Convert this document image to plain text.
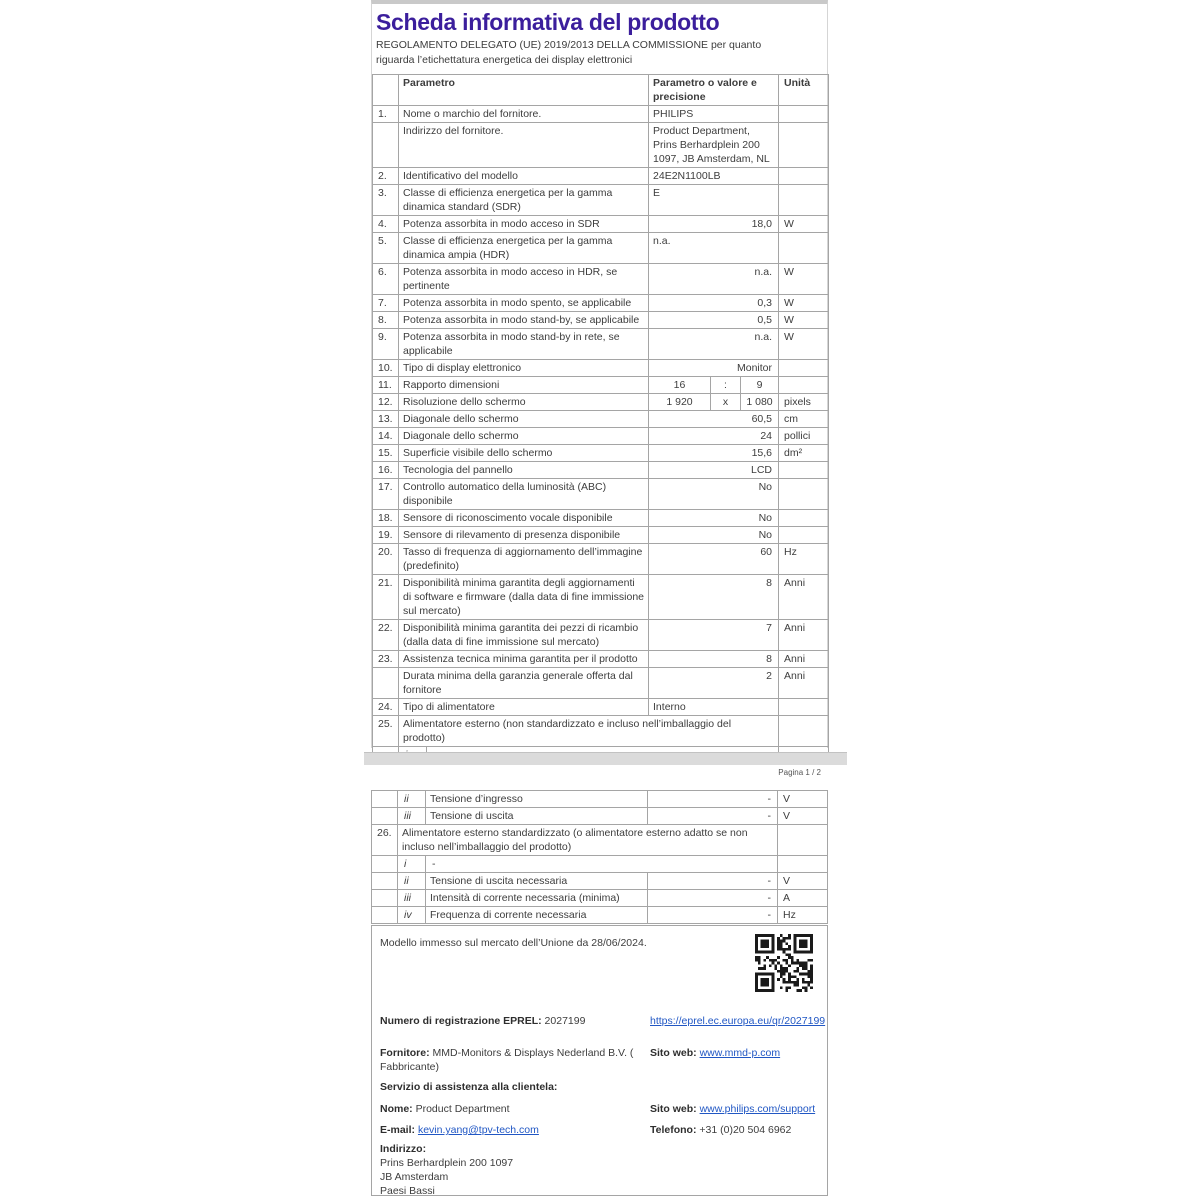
Scheda informativa del prodotto
REGOLAMENTO DELEGATO (UE) 2019/2013 DELLA COMMISSIONE per quanto riguarda l’etichettatura energetica dei display elettronici
	Parametro		Parametro o valore e precisione			Unità
1.	Nome o marchio del fornitore.		PHILIPS			
	Indirizzo del fornitore.		Product Department, Prins Berhardplein 200 1097, JB Amsterdam, NL			
2.	Identificativo del modello		24E2N1100LB			
3.	Classe di efficienza energetica per la gamma dinamica standard (SDR)		E			
4.	Potenza assorbita in modo acceso in SDR		18,0			W
5.	Classe di efficienza energetica per la gamma dinamica ampia (HDR)		n.a.			
6.	Potenza assorbita in modo acceso in HDR, se pertinente		n.a.			W
7.	Potenza assorbita in modo spento, se applicabile		0,3			W
8.	Potenza assorbita in modo stand-by, se applicabile		0,5			W
9.	Potenza assorbita in modo stand-by in rete, se applicabile		n.a.			W
10.	Tipo di display elettronico		Monitor			
11.	Rapporto dimensioni		16	:	9	
12.	Risoluzione dello schermo		1 920	x	1 080	pixels
13.	Diagonale dello schermo		60,5			cm
14.	Diagonale dello schermo		24			pollici
15.	Superficie visibile dello schermo		15,6			dm²
16.	Tecnologia del pannello		LCD			
17.	Controllo automatico della luminosità (ABC) disponibile		No			
18.	Sensore di riconoscimento vocale disponibile		No			
19.	Sensore di rilevamento di presenza disponibile		No			
20.	Tasso di frequenza di aggiornamento dell’immagine (predefinito)		60			Hz
21.	Disponibilità minima garantita degli aggiornamenti di software e firmware (dalla data di fine immissione sul mercato)		8			Anni
22.	Disponibilità minima garantita dei pezzi di ricambio (dalla data di fine immissione sul mercato)		7			Anni
23.	Assistenza tecnica minima garantita per il prodotto		8			Anni
	Durata minima della garanzia generale offerta dal fornitore		2			Anni
24.	Tipo di alimentatore		Interno			
25.	Alimentatore esterno (non standardizzato e incluso nell’imballaggio del prodotto)					

Pagina 1 / 2
	ii	Tensione d’ingresso	-	V
	iii	Tensione di uscita	-	V
26.	Alimentatore esterno standardizzato (o alimentatore esterno adatto se non incluso nell’imballaggio del prodotto)			
	i	-		
	ii	Tensione di uscita necessaria	-	V
	iii	Intensità di corrente necessaria (minima)	-	A
	iv	Frequenza di corrente necessaria	-	Hz
Modello immesso sul mercato dell’Unione da 28/06/2024.
Numero di registrazione EPREL: 2027199	https://eprel.ec.europa.eu/qr/2027199
Fornitore: MMD-Monitors & Displays Nederland B.V. ( Fabbricante)
Sito web: www.mmd-p.com
Servizio di assistenza alla clientela:
Nome: Product Department	Sito web: www.philips.com/support
E-mail: kevin.yang@tpv-tech.com	Telefono: +31 (0)20 504 6962
Indirizzo:
Prins Berhardplein 200 1097
JB Amsterdam
Paesi Bassi
